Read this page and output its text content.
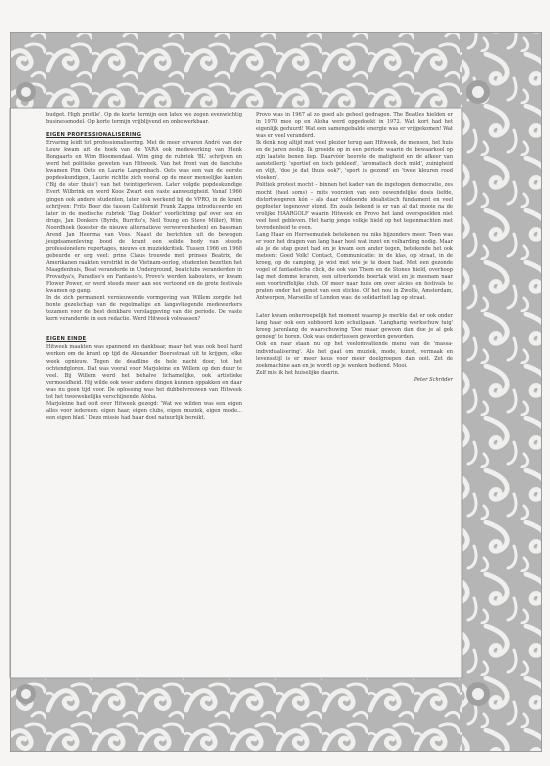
budget. High profile'. Op de korte termijn een latex we zegen evenwichtig businessmodel. Op korte termijn vrijblijvend en onbewerkbaar.

EIGEN PROFESSIONALISERING

Ervaring leidt tot professionalisering. Met de meer ervaren André van der Louw kwam uit de hoek van de YARA ook medewerking van Henk Bongaarts en Wim Bloemendaal. Wim ging de rubriek 'BL' schrijven en werd het politieke geweten van Hitweek. Van het front van de fanclubs kwamen Pim Oets en Laurie Langenbach. Oets was een van de eerste popdeskundigen, Laurie richtte zich vooral op de meer menselijke kanten ('Bij de ster thuis') van het twintigerleven. Later volgde popdeskundige Evert Wilbrink en werd Koos Zwart een vaste aanwezigheid. Vanaf 1966 gingen ook andere studenten, later ook werkend bij de VPRO, in de krant schrijven: Frits Boer die tussen Californië Frank Zappa introduceerde en later in de medische rubriek 'Dag Dokter' voorlichting gaf over sex en drugs, Jan Donkers (Byrds, Burrito's, Neil Young en Steve Miller), Wim Noordhoek (koester de nieuwe alternatieve verworvenheden) en bassman Arend Jan Heerma van Voss. Naast de berichten uit de bewogen jeugdsamenleving bood de krant een solide body van steeds professionelere reportages, nieuws en muziekkritiek. Tussen 1966 en 1968 gebeurde er erg veel: prins Claus trouwde met prinses Beatrix, de Amerikanen raakten verstrikt in de Vietnam-oorlog, studenten bezetten het Maagdenhuis, Beat veranderde in Underground, beatclubs veranderden in Provadya's, Paradiso's en Fantasio's, Provo's werden kabouters, er kwam Flower Power, er werd steeds meer aan sex vertoond en de grote festivals kwamen op gang.

In de zich permanent vernieuwende vormgeving van Willem zorgde het bonte gezelschap van de regelmatige en langsvliegende medewerkers tezamen voor de best denkbare verslaggeving van die periode. De vaste kern veranderde in een redactie. Werd Hitweek volwassen?

EIGEN EINDE

Hitweek maakten was spannend en dankbaar, maar het was ook heel hard werken om de krant op tijd de Alexander Boersstraat uit te krijgen, elke week opnieuw. Tegen de deadline de hele nacht door, tot het ochtendgloren. Dat was vooral voor Marjoleine en Willem op den duur te veel. Bij Willem werd het behalve lichamelijke, ook artistieke vermoeidheid. Hij wilde ook weer andere dingen kunnen oppakken en daar was nu geen tijd voor. De oplossing was het dubbelvrouwen van Hitweek tot het tweewekelijks verschijnende Aloha.

Marjoleine had ooit over Hitweek gezegd: 'Wat we wilden was een eigen alles voor iedereen: eigen haar, eigen clubs, eigen muziek, eigen mode... een eigen blad.' Deze missie had haar doel natuurlijk bereikt.

Provo was in 1967 al zo goed als geheel gedragen. The Beatles hielden er in 1970 mee op en Aloha werd opgedoekt in 1972. Wat kort had het eigenlijk geduurd! Wat een samengebalde energie was er vrijgekomen! Wat was er veel veranderd.

Ik denk nog altijd met veel plezier terug aan Hitweek, de mensen, het huis en de jaren zestig. Ik groeide op in een periode waarin de bewaarkool op zijn laatste benen liep. Daarvóór heerste de matigheid en de afkeer van aanstellerij: 'sportief en toch gekleed', 'aromatisch doch mild', zuinigheid en vlijt, 'doe je dat thuis ook?', 'sport is gezond' en 'twee kleuren rood vloeken'.

Politiek protest mocht – binnen het kader van de ingetogen democratie, zes mocht (heel soms) – mits voorzien van een ouwendelijke dosis liefde, distortwegeren kón – als daar voldoende idealistisch fundament en veel gepfoeter tegenover stond. En zeals bekend is er van al dat mooie na de vrolijke HAARGOLF waarin Hitweek en Provo het land overspoelden niet veel heel gebleven. Het harig jonge volkje hield op het tegenmachten met tevredenheid te even.

Lang Haar en Herrsemuziek betekenen nu niks bijzonders meer. Toen was er voor het dragen van lang haar heel wat inzet en volharding nodig. Maar als je de stap gezet had en je kwam een ander tegen, betekende het ook meteen: Goed Volk! Contact, Communicatie: in de klas, op straat, in de kroeg, op de camping, je wist met wie je te doen had. Met een gezonde vogel of fantastische click, de ook van Them en de Stones hield, overhoop lag met domme leraren, een uitverkende boertak wist en je meenam naar een voortreffelijke club. Of meer naar huis om over alcies en festivals te praten onder het genot van een stickie. Of het nou in Zwolle, Amsterdam, Antwerpen, Marseille of London was: de solidariteit lag op straat.

Later kwam onherroepelijk het moment waarop je merkte dat er ook onder lang haar ook een subboord kon schuilgaan. 'Langharig werkschuw tuig' kreeg jarenlang de waarschuwing 'Doe maar gewoon dan doe je al gek genoeg' te horen. Ook was ondertussen geworden geworden.

Ook en raar staan nu op het veelomvattende menu van de 'massa-individualisering'. Als het gaat om muziek, mode, kunst, vermaak en levensstijl is er meer keus voor meer doelgroepen dan ooit. Zet de zoekmachine aan en je wordt op je wenken bediend. Mooi.

Zelf mis ik het huiselijke daarin.

Peter Schröder
